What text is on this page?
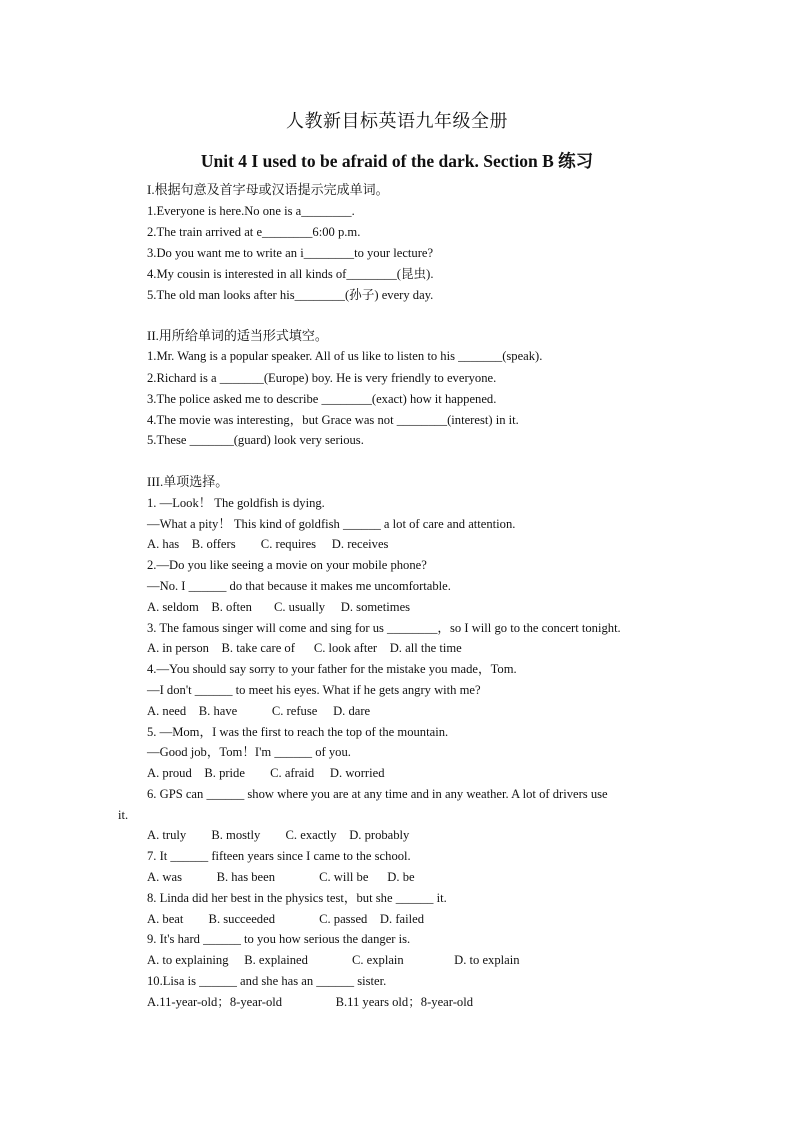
人教新目标英语九年级全册
Unit 4 I used to be afraid of the dark. Section B 练习
I.根据句意及首字母或汉语提示完成单词。
1.Everyone is here.No one is a________.
2.The train arrived at e________6:00 p.m.
3.Do you want me to write an i________to your lecture?
4.My cousin is interested in all kinds of________(昆虫).
5.The old man looks after his________(孙子) every day.
II.用所给单词的适当形式填空。
1.Mr. Wang is a popular speaker. All of us like to listen to his _______(speak).
2.Richard is a _______(Europe) boy. He is very friendly to everyone.
3.The police asked me to describe ________(exact) how it happened.
4.The movie was interesting，but Grace was not ________(interest) in it.
5.These _______(guard) look very serious.
III.单项选择。
1. —Look！ The goldfish is dying.
—What a pity！ This kind of goldfish ______ a lot of care and attention.
A. has    B. offers        C. requires     D. receives
2.—Do you like seeing a movie on your mobile phone?
—No. I ______ do that because it makes me uncomfortable.
A. seldom    B. often       C. usually     D. sometimes
3. The famous singer will come and sing for us ________，so I will go to the concert tonight.
A. in person    B. take care of      C. look after    D. all the time
4.—You should say sorry to your father for the mistake you made，Tom.
—I don't ______ to meet his eyes. What if he gets angry with me?
A. need    B. have           C. refuse     D. dare
5. —Mom，I was the first to reach the top of the mountain.
—Good job，Tom！I'm ______ of you.
A. proud    B. pride        C. afraid     D. worried
6. GPS can ______ show where you are at any time and in any weather. A lot of drivers use
it.
A. truly        B. mostly        C. exactly    D. probably
7. It ______ fifteen years since I came to the school.
A. was           B. has been              C. will be      D. be
8. Linda did her best in the physics test，but she ______ it.
A. beat        B. succeeded              C. passed    D. failed
9. It's hard ______ to you how serious the danger is.
A. to explaining     B. explained              C. explain                D. to explain
10.Lisa is ______ and she has an ______ sister.
A.11-year-old；8-year-old                 B.11 years old；8-year-old
